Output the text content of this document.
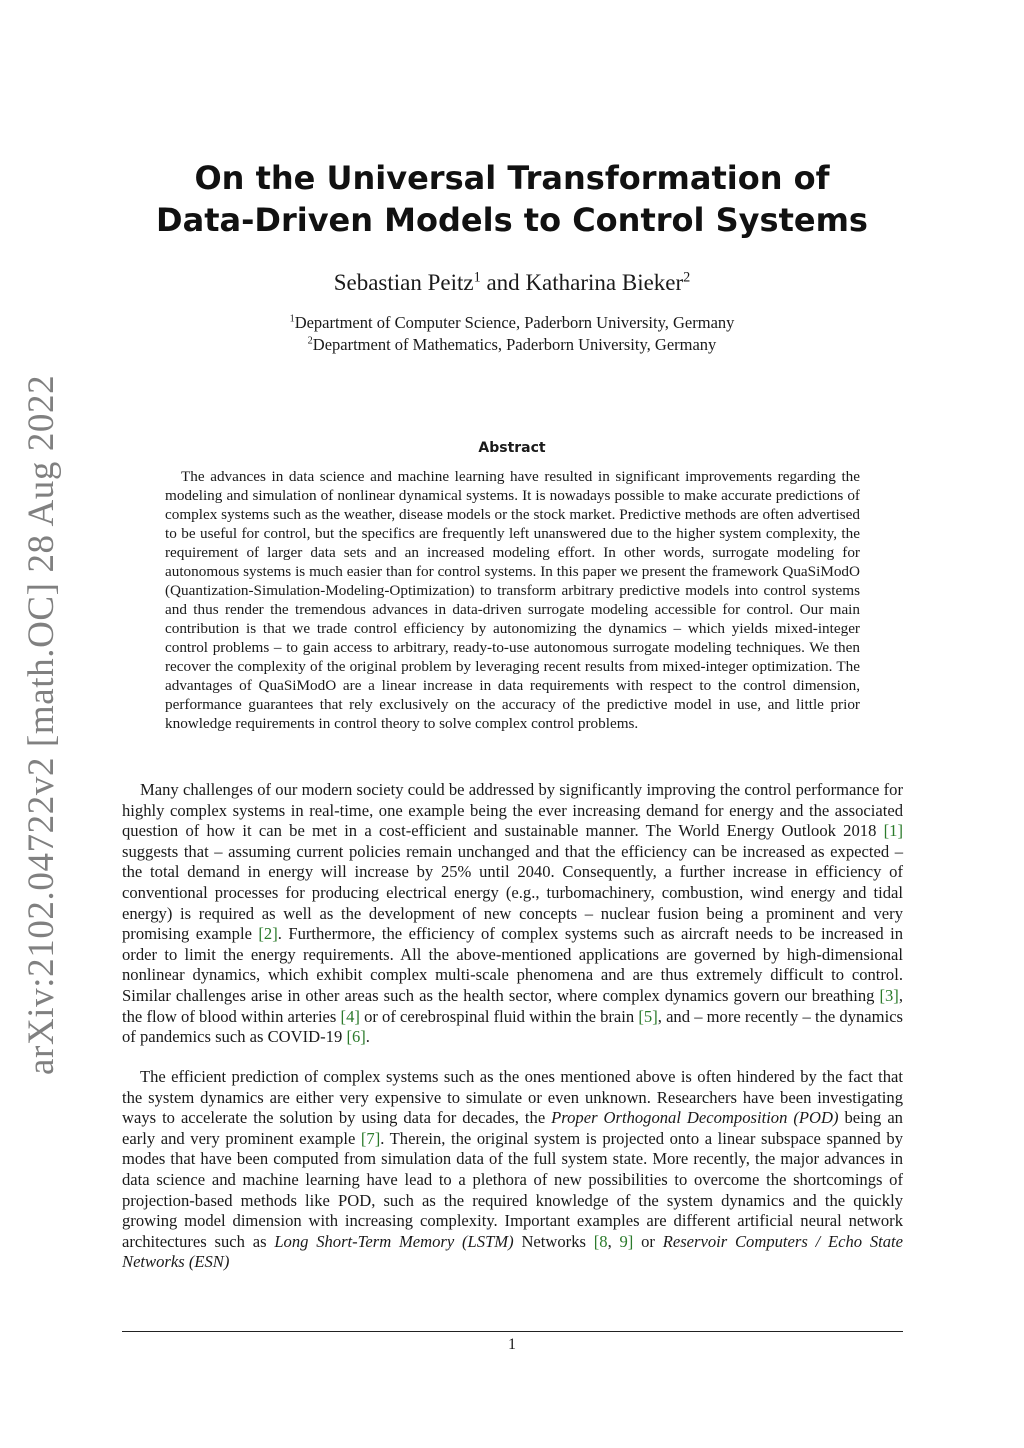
arXiv:2102.04722v2 [math.OC] 28 Aug 2022
On the Universal Transformation of
Data-Driven Models to Control Systems
Sebastian Peitz$^1$ and Katharina Bieker$^2$
$^1$Department of Computer Science, Paderborn University, Germany
$^2$Department of Mathematics, Paderborn University, Germany
Abstract

The advances in data science and machine learning have resulted in significant improvements regarding the modeling and simulation of nonlinear dynamical systems. It is nowadays possible to make accurate predictions of complex systems such as the weather, disease models or the stock market. Predictive methods are often advertised to be useful for control, but the specifics are frequently left unanswered due to the higher system complexity, the requirement of larger data sets and an increased modeling effort. In other words, surrogate modeling for autonomous systems is much easier than for control systems. In this paper we present the framework QuaSiModO (Quantization-Simulation-Modeling-Optimization) to transform arbitrary predictive models into control systems and thus render the tremendous advances in data-driven surrogate modeling accessible for control. Our main contribution is that we trade control efficiency by autonomizing the dynamics – which yields mixed-integer control problems – to gain access to arbitrary, ready-to-use autonomous surrogate modeling techniques. We then recover the complexity of the original problem by leveraging recent results from mixed-integer optimization. The advantages of QuaSiModO are a linear increase in data requirements with respect to the control dimension, performance guarantees that rely exclusively on the accuracy of the predictive model in use, and little prior knowledge requirements in control theory to solve complex control problems.

Many challenges of our modern society could be addressed by significantly improving the control performance for highly complex systems in real-time, one example being the ever increasing demand for energy and the associated question of how it can be met in a cost-efficient and sustainable manner. The World Energy Outlook 2018 [1] suggests that – assuming current policies remain unchanged and that the efficiency can be increased as expected – the total demand in energy will increase by 25% until 2040. Consequently, a further increase in efficiency of conventional processes for producing electrical energy (e.g., turbomachinery, combustion, wind energy and tidal energy) is required as well as the development of new concepts – nuclear fusion being a prominent and very promising example [2]. Furthermore, the efficiency of complex systems such as aircraft needs to be increased in order to limit the energy requirements. All the above-mentioned applications are governed by high-dimensional nonlinear dynamics, which exhibit complex multi-scale phenomena and are thus extremely difficult to control. Similar challenges arise in other areas such as the health sector, where complex dynamics govern our breathing [3], the flow of blood within arteries [4] or of cerebrospinal fluid within the brain [5], and – more recently – the dynamics of pandemics such as COVID-19 [6].

The efficient prediction of complex systems such as the ones mentioned above is often hindered by the fact that the system dynamics are either very expensive to simulate or even unknown. Researchers have been investigating ways to accelerate the solution by using data for decades, the Proper Orthogonal Decomposition (POD) being an early and very prominent example [7]. Therein, the original system is projected onto a linear subspace spanned by modes that have been computed from simulation data of the full system state. More recently, the major advances in data science and machine learning have lead to a plethora of new possibilities to overcome the shortcomings of projection-based methods like POD, such as the required knowledge of the system dynamics and the quickly growing model dimension with increasing complexity. Important examples are different artificial neural network architectures such as Long Short-Term Memory (LSTM) Networks [8, 9] or Reservoir Computers / Echo State Networks (ESN)

1
